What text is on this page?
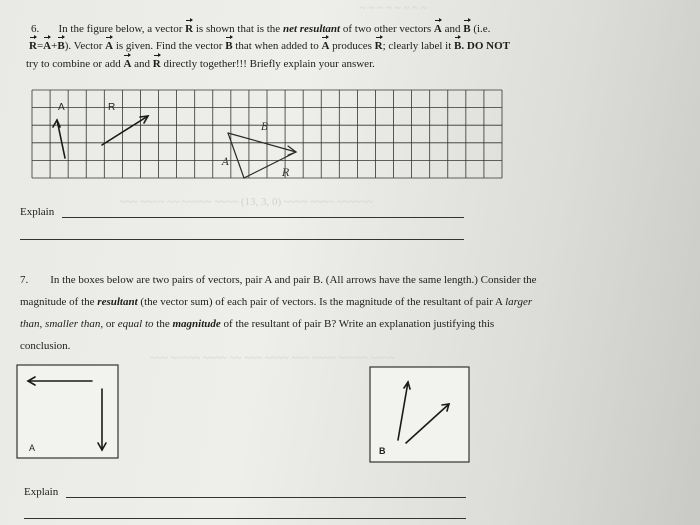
~ ~ ~ ~ ~ ~ ~ ~
~~~ ~~~~ ~~ ~~~~~ ~~~~ (13, 3, 0) ~~~~ ~~~~ ~~~~~~
~~~ ~~~~~ ~~~~ ~~ ~~~ ~~~~ ~~~ ~~~~ ~~~~~ ~~~~
6. In the figure below, a vector R is shown that is the net resultant of two other vectors A and B (i.e.
R=A+B). Vector A is given. Find the vector B that when added to A produces R; clearly label it B. DO NOT
try to combine or add A and R directly together!!! Briefly explain your answer.
A	R
B
A
R
Explain
7. In the boxes below are two pairs of vectors, pair A and pair B. (All arrows have the same length.) Consider the
magnitude of the resultant (the vector sum) of each pair of vectors. Is the magnitude of the resultant of pair A larger
than, smaller than, or equal to the magnitude of the resultant of pair B? Write an explanation justifying this
conclusion.
A	B
Explain
